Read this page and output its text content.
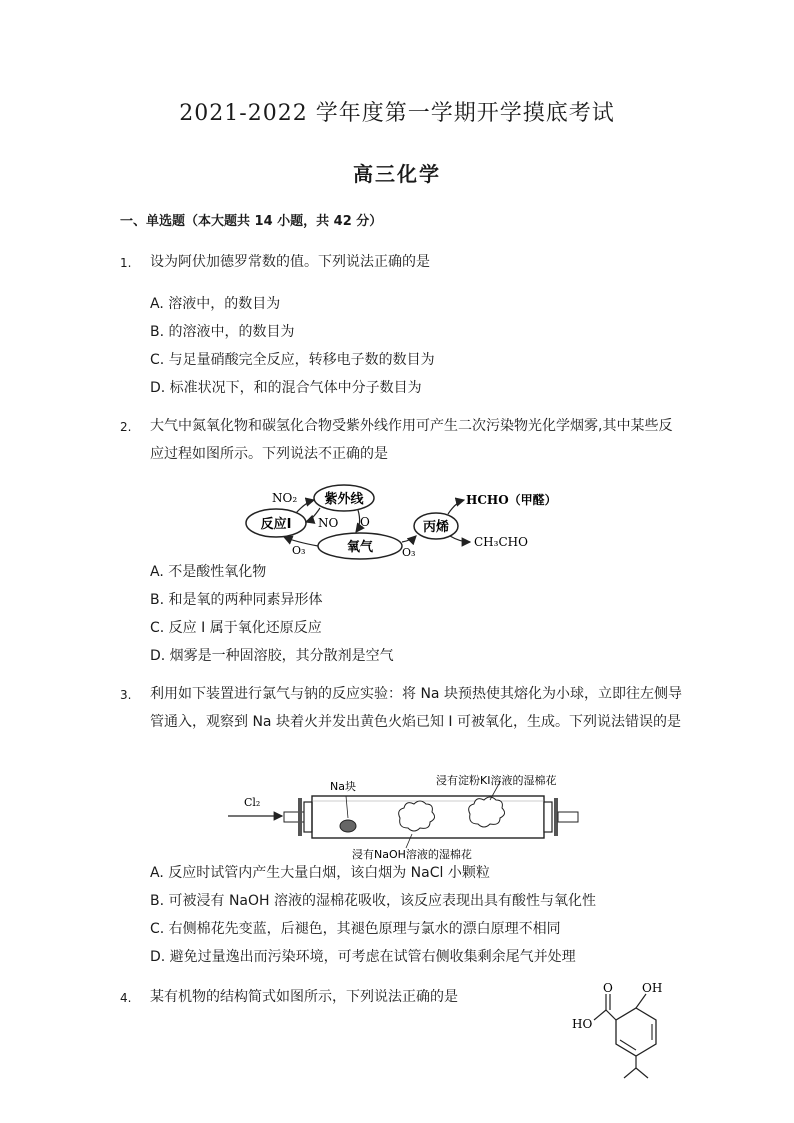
2021-2022 学年度第一学期开学摸底考试
高三化学
一、单选题（本大题共 14 小题，共 42 分）
1. 设为阿伏加德罗常数的值。下列说法正确的是
A. 溶液中，的数目为
B. 的溶液中，的数目为
C. 与足量硝酸完全反应，转移电子数的数目为
D. 标准状况下，和的混合气体中分子数目为
2. 大气中氮氧化物和碳氢化合物受紫外线作用可产生二次污染物光化学烟雾,其中某些反
应过程如图所示。下列说法不正确的是
NO₂ 紫外线
反应I NO O
O₃	氧气	O₃
丙烯
HCHO（甲醛）
CH₃CHO
A. 不是酸性氧化物
B. 和是氧的两种同素异形体
C. 反应 I 属于氧化还原反应
D. 烟雾是一种固溶胶，其分散剂是空气
3. 利用如下装置进行氯气与钠的反应实验：将 Na 块预热使其熔化为小球，立即往左侧导
管通入，观察到 Na 块着火并发出黄色火焰已知 I 可被氧化，生成。下列说法错误的是
Cl₂
Na块	浸有淀粉KI溶液的湿棉花
浸有NaOH溶液的湿棉花
A. 反应时试管内产生大量白烟，该白烟为 NaCl 小颗粒
B. 可被浸有 NaOH 溶液的湿棉花吸收，该反应表现出具有酸性与氧化性
C. 右侧棉花先变蓝，后褪色，其褪色原理与氯水的漂白原理不相同
D. 避免过量逸出而污染环境，可考虑在试管右侧收集剩余尾气并处理
4. 某有机物的结构简式如图所示，下列说法正确的是
OH
O
HO
